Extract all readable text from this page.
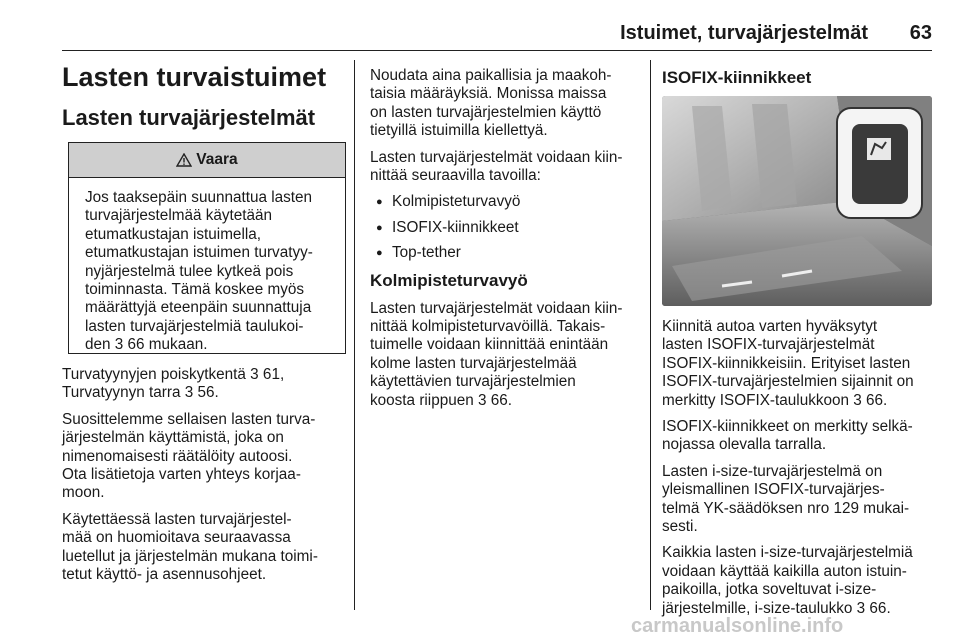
Istuimet, turvajärjestelmät	63
Lasten turvaistuimet
Lasten turvajärjestelmät
Vaara
Jos taaksepäin suunnattua lasten
turvajärjestelmää käytetään
etumatkustajan istuimella,
etumatkustajan istuimen turvatyy-
nyjärjestelmä tulee kytkeä pois
toiminnasta. Tämä koskee myös
määrättyjä eteenpäin suunnattuja
lasten turvajärjestelmiä taulukoi-
den 3 66 mukaan.

Turvatyynyjen poiskytkentä 3 61,
Turvatyynyn tarra 3 56.

Suosittelemme sellaisen lasten turva-
järjestelmän käyttämistä, joka on
nimenomaisesti räätälöity autoosi.
Ota lisätietoja varten yhteys korjaa-
moon.

Käytettäessä lasten turvajärjestel-
mää on huomioitava seuraavassa
luetellut ja järjestelmän mukana toimi-
tetut käyttö- ja asennusohjeet.

Noudata aina paikallisia ja maakoh-
taisia määräyksiä. Monissa maissa
on lasten turvajärjestelmien käyttö
tietyillä istuimilla kiellettyä.

Lasten turvajärjestelmät voidaan kiin-
nittää seuraavilla tavoilla:

● Kolmipisteturvavyö
● ISOFIX-kiinnikkeet
● Top-tether
Kolmipisteturvavyö

Lasten turvajärjestelmät voidaan kiin-
nittää kolmipisteturvavöillä. Takais-
tuimelle voidaan kiinnittää enintään
kolme lasten turvajärjestelmää
käytettävien turvajärjestelmien
koosta riippuen 3 66.

ISOFIX-kiinnikkeet
carmanualsonline.info

Kiinnitä autoa varten hyväksytyt
lasten ISOFIX-turvajärjestelmät
ISOFIX-kiinnikkeisiin. Erityiset lasten
ISOFIX-turvajärjestelmien sijainnit on
merkitty ISOFIX-taulukkoon 3 66.

ISOFIX-kiinnikkeet on merkitty selkä-
nojassa olevalla tarralla.

Lasten i-size-turvajärjestelmä on
yleismallinen ISOFIX-turvajärjes-
telmä YK-säädöksen nro 129 mukai-
sesti.

Kaikkia lasten i-size-turvajärjestelmiä
voidaan käyttää kaikilla auton istuin-
paikoilla, jotka soveltuvat i-size-
järjestelmille, i-size-taulukko 3 66.
